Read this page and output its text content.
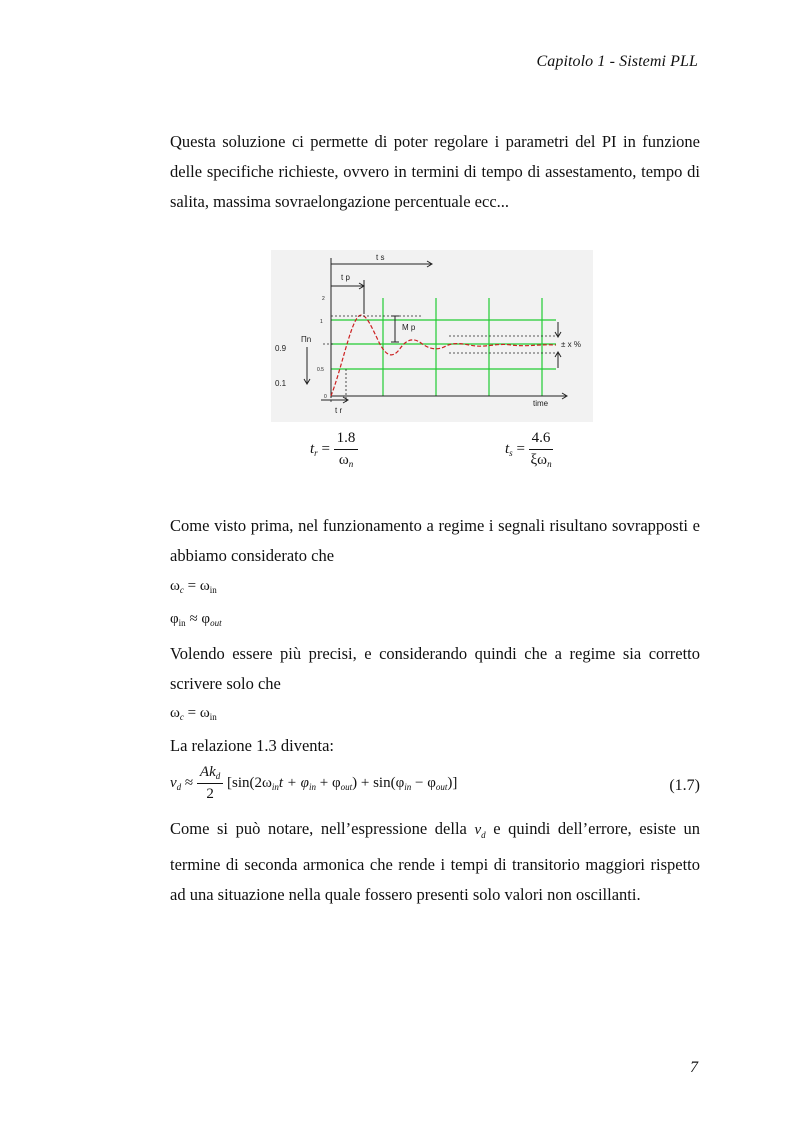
Capitolo 1 - Sistemi PLL

Questa soluzione ci permette di poter regolare i parametri del PI in funzione delle specifiche richieste, ovvero in termini di tempo di assestamento, tempo di salita, massima sovraelongazione percentuale ecc...

2
1
0.5
0
t s
t p
M p
Πn
0.9
0.1
± x %
time
t r
$t_r = \frac{1.8}{\omega_n}$	$t_s = \frac{4.6}{\xi\omega_n}$

Come visto prima, nel funzionamento a regime i segnali risultano sovrapposti e abbiamo considerato che

$\omega_c = \omega_{in}$
$\varphi_{in} \approx \varphi_{out}$

Volendo essere più precisi, e considerando quindi che a regime sia corretto scrivere solo che

$\omega_c = \omega_{in}$

La relazione 1.3 diventa:

$v_d \approx \frac{Ak_d}{2} [\sin(2\omega_{in}t + \varphi_{in} + \varphi_{out}) + \sin(\varphi_{in} - \varphi_{out})]$	(1.7)

Come si può notare, nell’espressione della $v_d$ e quindi dell’errore, esiste un termine di seconda armonica che rende i tempi di transitorio maggiori rispetto ad una situazione nella quale fossero presenti solo valori non oscillanti.

7
